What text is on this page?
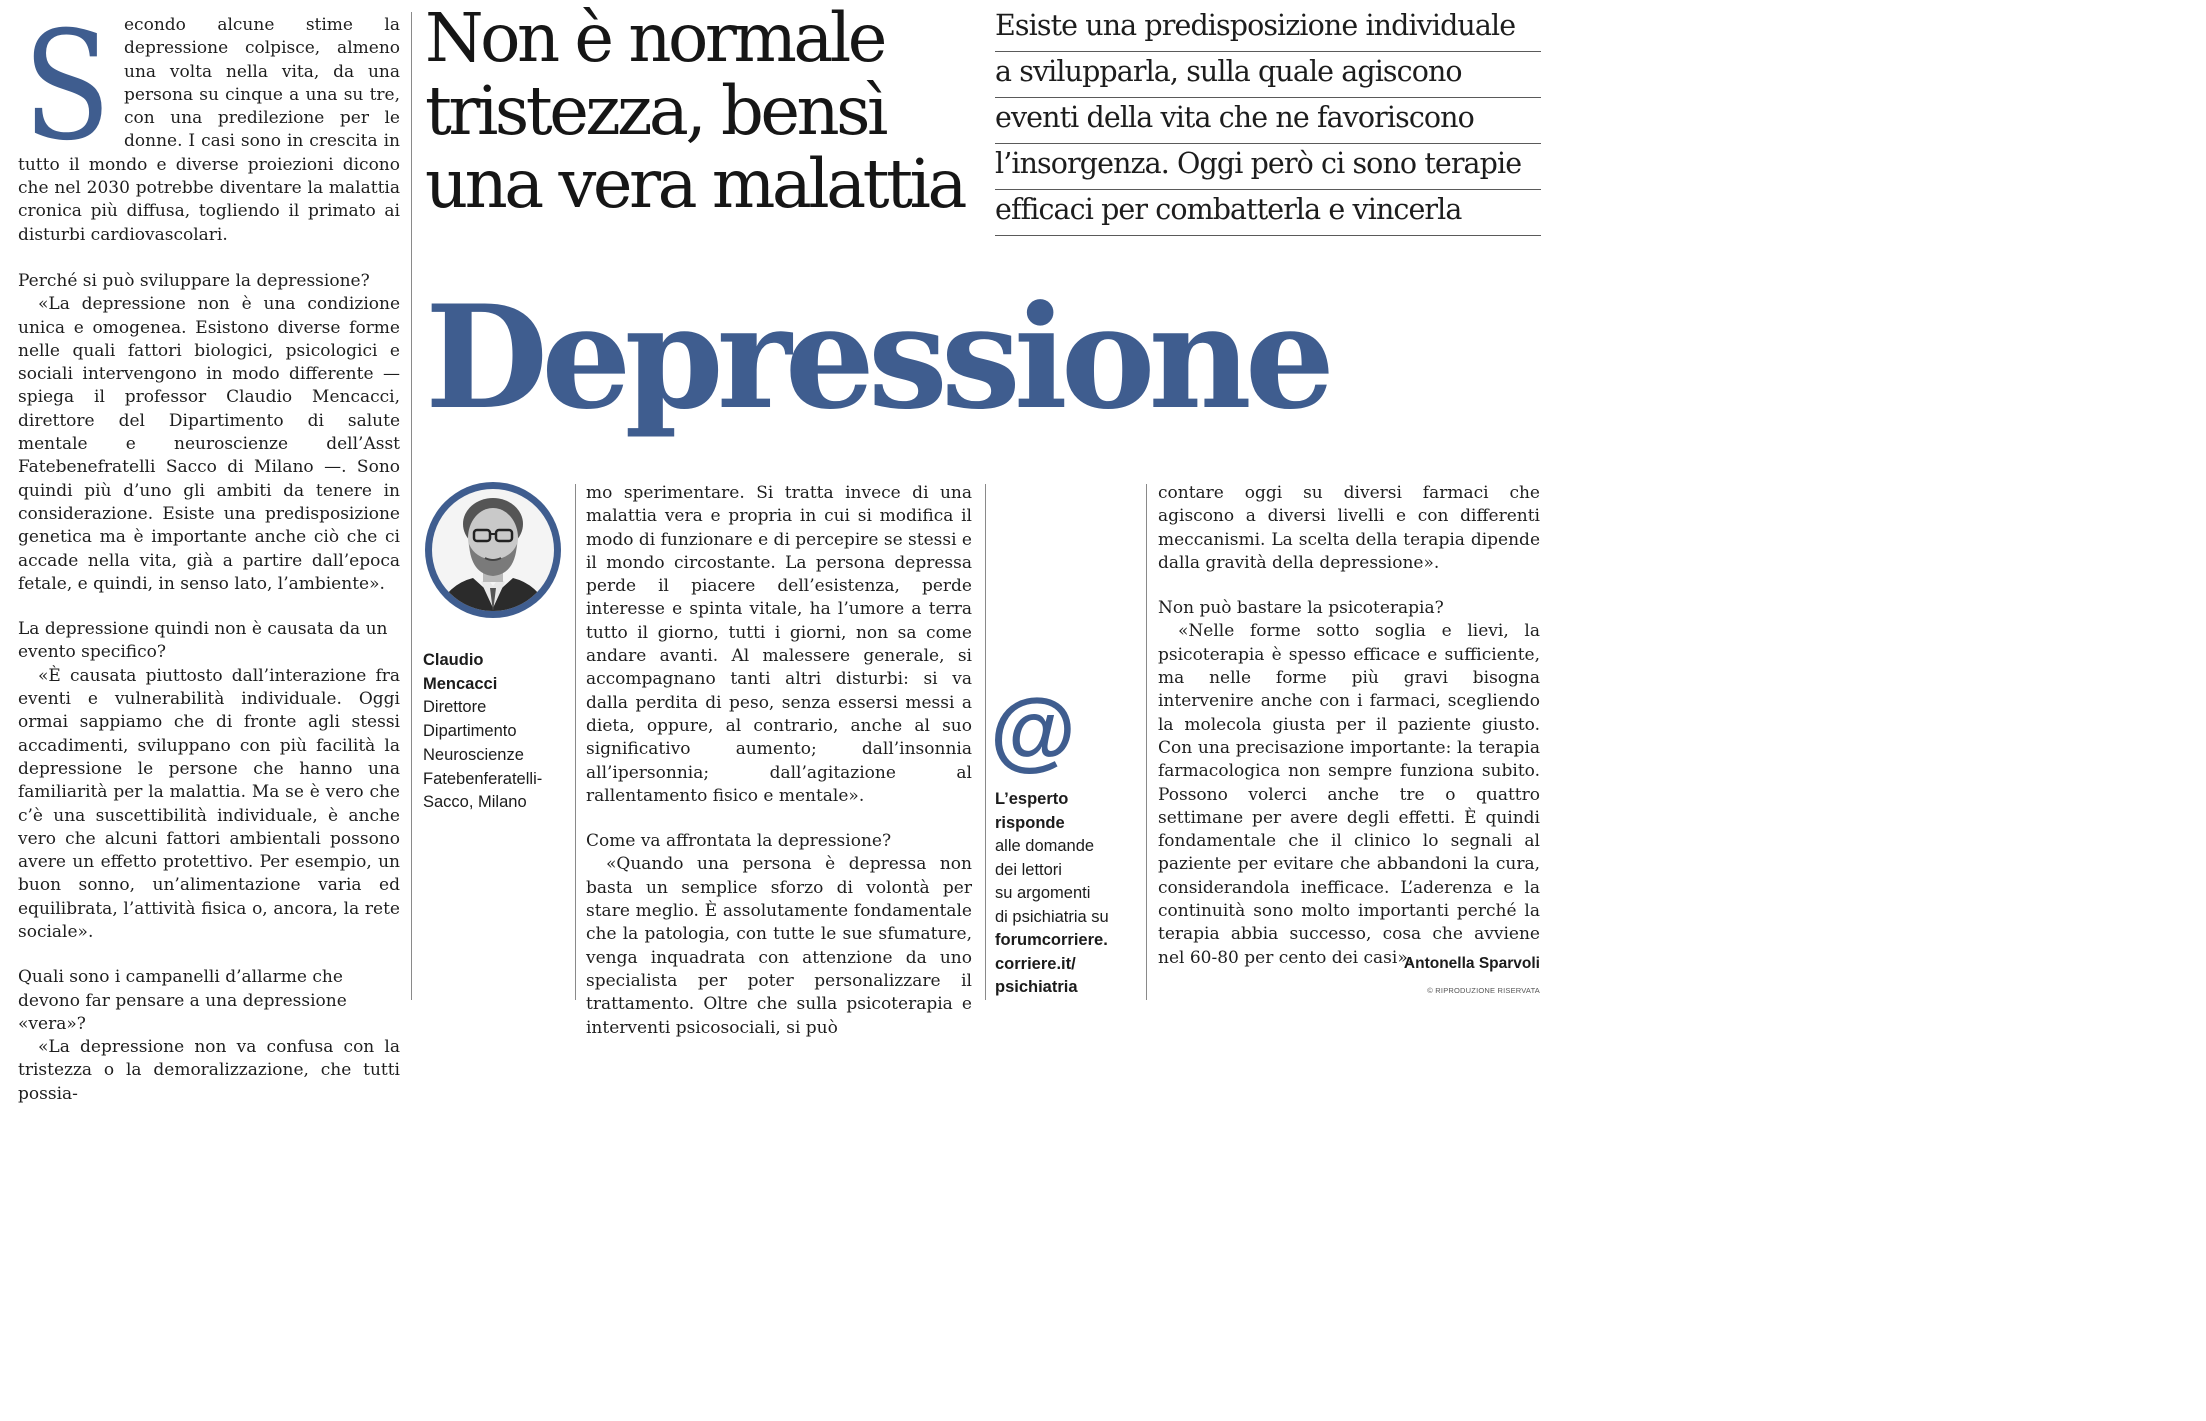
S econdo alcune stime la depressione colpisce, almeno una volta nella vita, da una persona su cinque a una su tre, con una predilezione per le donne. I casi sono in crescita in tutto il mondo e diverse proiezioni dicono che nel 2030 potrebbe diventare la malattia cronica più diffusa, togliendo il primato ai disturbi cardiovascolari.

Perché si può sviluppare la depressione?

«La depressione non è una condizione unica e omogenea. Esistono diverse forme nelle quali fattori biologici, psicologici e sociali intervengono in modo differente — spiega il professor Claudio Mencacci, direttore del Dipartimento di salute mentale e neuroscienze dell’Asst Fatebenefratelli Sacco di Milano —. Sono quindi più d’uno gli ambiti da tenere in considerazione. Esiste una predisposizione genetica ma è importante anche ciò che ci accade nella vita, già a partire dall’epoca fetale, e quindi, in senso lato, l’ambiente».

La depressione quindi non è causata da un evento specifico?

«È causata piuttosto dall’interazione fra eventi e vulnerabilità individuale. Oggi ormai sappiamo che di fronte agli stessi accadimenti, sviluppano con più facilità la depressione le persone che hanno una familiarità per la malattia. Ma se è vero che c’è una suscettibilità individuale, è anche vero che alcuni fattori ambientali possono avere un effetto protettivo. Per esempio, un buon sonno, un’alimentazione varia ed equilibrata, l’attività fisica o, ancora, la rete sociale».

Quali sono i campanelli d’allarme che devono far pensare a una depressione «vera»?

«La depressione non va confusa con la tristezza o la demoralizzazione, che tutti possia-

Non è normale
tristezza, bensì
una vera malattia
Esiste una predisposizione individuale
a svilupparla, sulla quale agiscono
eventi della vita che ne favoriscono
l’insorgenza. Oggi però ci sono terapie
efficaci per combatterla e vincerla
Depressione

Claudio

Mencacci

Direttore

Dipartimento

Neuroscienze

Fatebenferatelli-

Sacco, Milano

mo sperimentare. Si tratta invece di una malattia vera e propria in cui si modifica il modo di funzionare e di percepire se stessi e il mondo circostante. La persona depressa perde il piacere dell’esistenza, perde interesse e spinta vitale, ha l’umore a terra tutto il giorno, tutti i giorni, non sa come andare avanti. Al malessere generale, si accompagnano tanti altri disturbi: si va dalla perdita di peso, senza essersi messi a dieta, oppure, al contrario, anche al suo significativo aumento; dall’insonnia all’ipersonnia; dall’agitazione al rallentamento fisico e mentale».

Come va affrontata la depressione?

«Quando una persona è depressa non basta un semplice sforzo di volontà per stare meglio. È assolutamente fondamentale che la patologia, con tutte le sue sfumature, venga inquadrata con attenzione da uno specialista per poter personalizzare il trattamento. Oltre che sulla psicoterapia e interventi psicosociali, si può

@

L’esperto

risponde

alle domande

dei lettori

su argomenti

di psichiatria su

forumcorriere.

corriere.it/

psichiatria

contare oggi su diversi farmaci che agiscono a diversi livelli e con differenti meccanismi. La scelta della terapia dipende dalla gravità della depressione».

Non può bastare la psicoterapia?

«Nelle forme sotto soglia e lievi, la psicoterapia è spesso efficace e sufficiente, ma nelle forme più gravi bisogna intervenire anche con i farmaci, scegliendo la molecola giusta per il paziente giusto. Con una precisazione importante: la terapia farmacologica non sempre funziona subito. Possono volerci anche tre o quattro settimane per avere degli effetti. È quindi fondamentale che il clinico lo segnali al paziente per evitare che abbandoni la cura, considerandola inefficace. L’aderenza e la continuità sono molto importanti perché la terapia abbia successo, cosa che avviene nel 60-80 per cento dei casi».

Antonella Sparvoli

© RIPRODUZIONE RISERVATA
